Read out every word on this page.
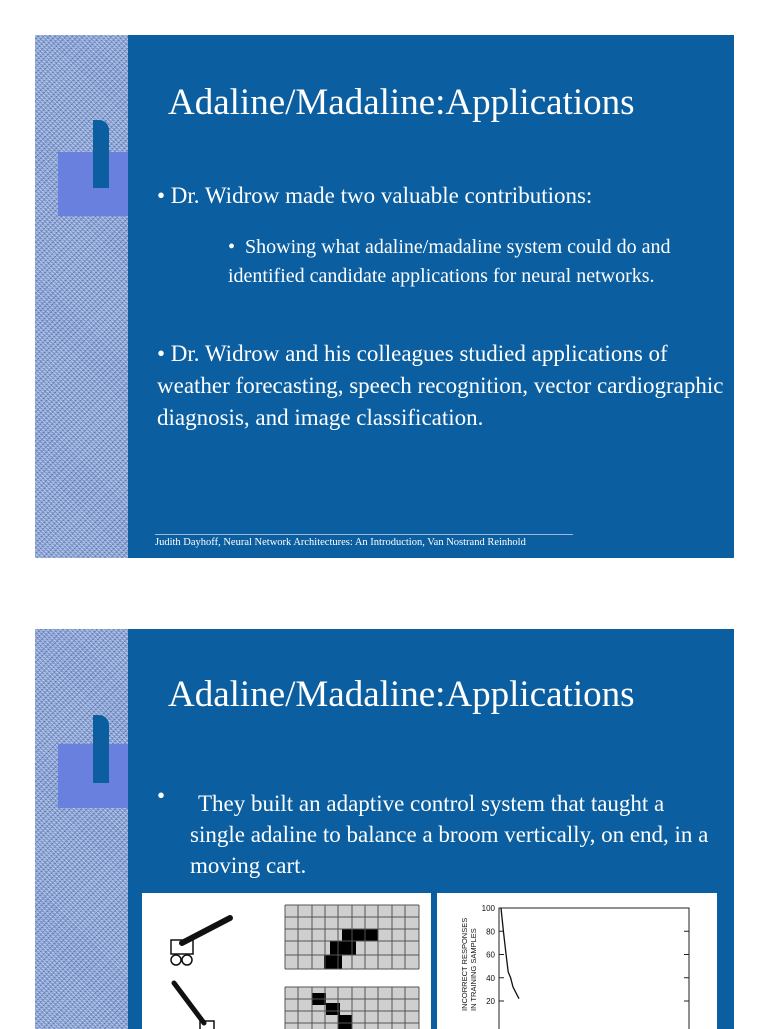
Adaline/Madaline:Applications
• Dr. Widrow made two valuable contributions:
• Showing what adaline/madaline system could do and identified candidate applications for neural networks.
• Dr. Widrow and his colleagues studied applications of weather forecasting, speech recognition, vector cardiographic diagnosis, and image classification.
Judith Dayhoff, Neural Network Architectures: An Introduction, Van Nostrand Reinhold
Adaline/Madaline:Applications
•	They built an adaptive control system that taught a single adaline to balance a broom vertically, on end, in a moving cart.
INCORRECT RESPONSES IN TRAINING SAMPLES
100
80
60
40
20
